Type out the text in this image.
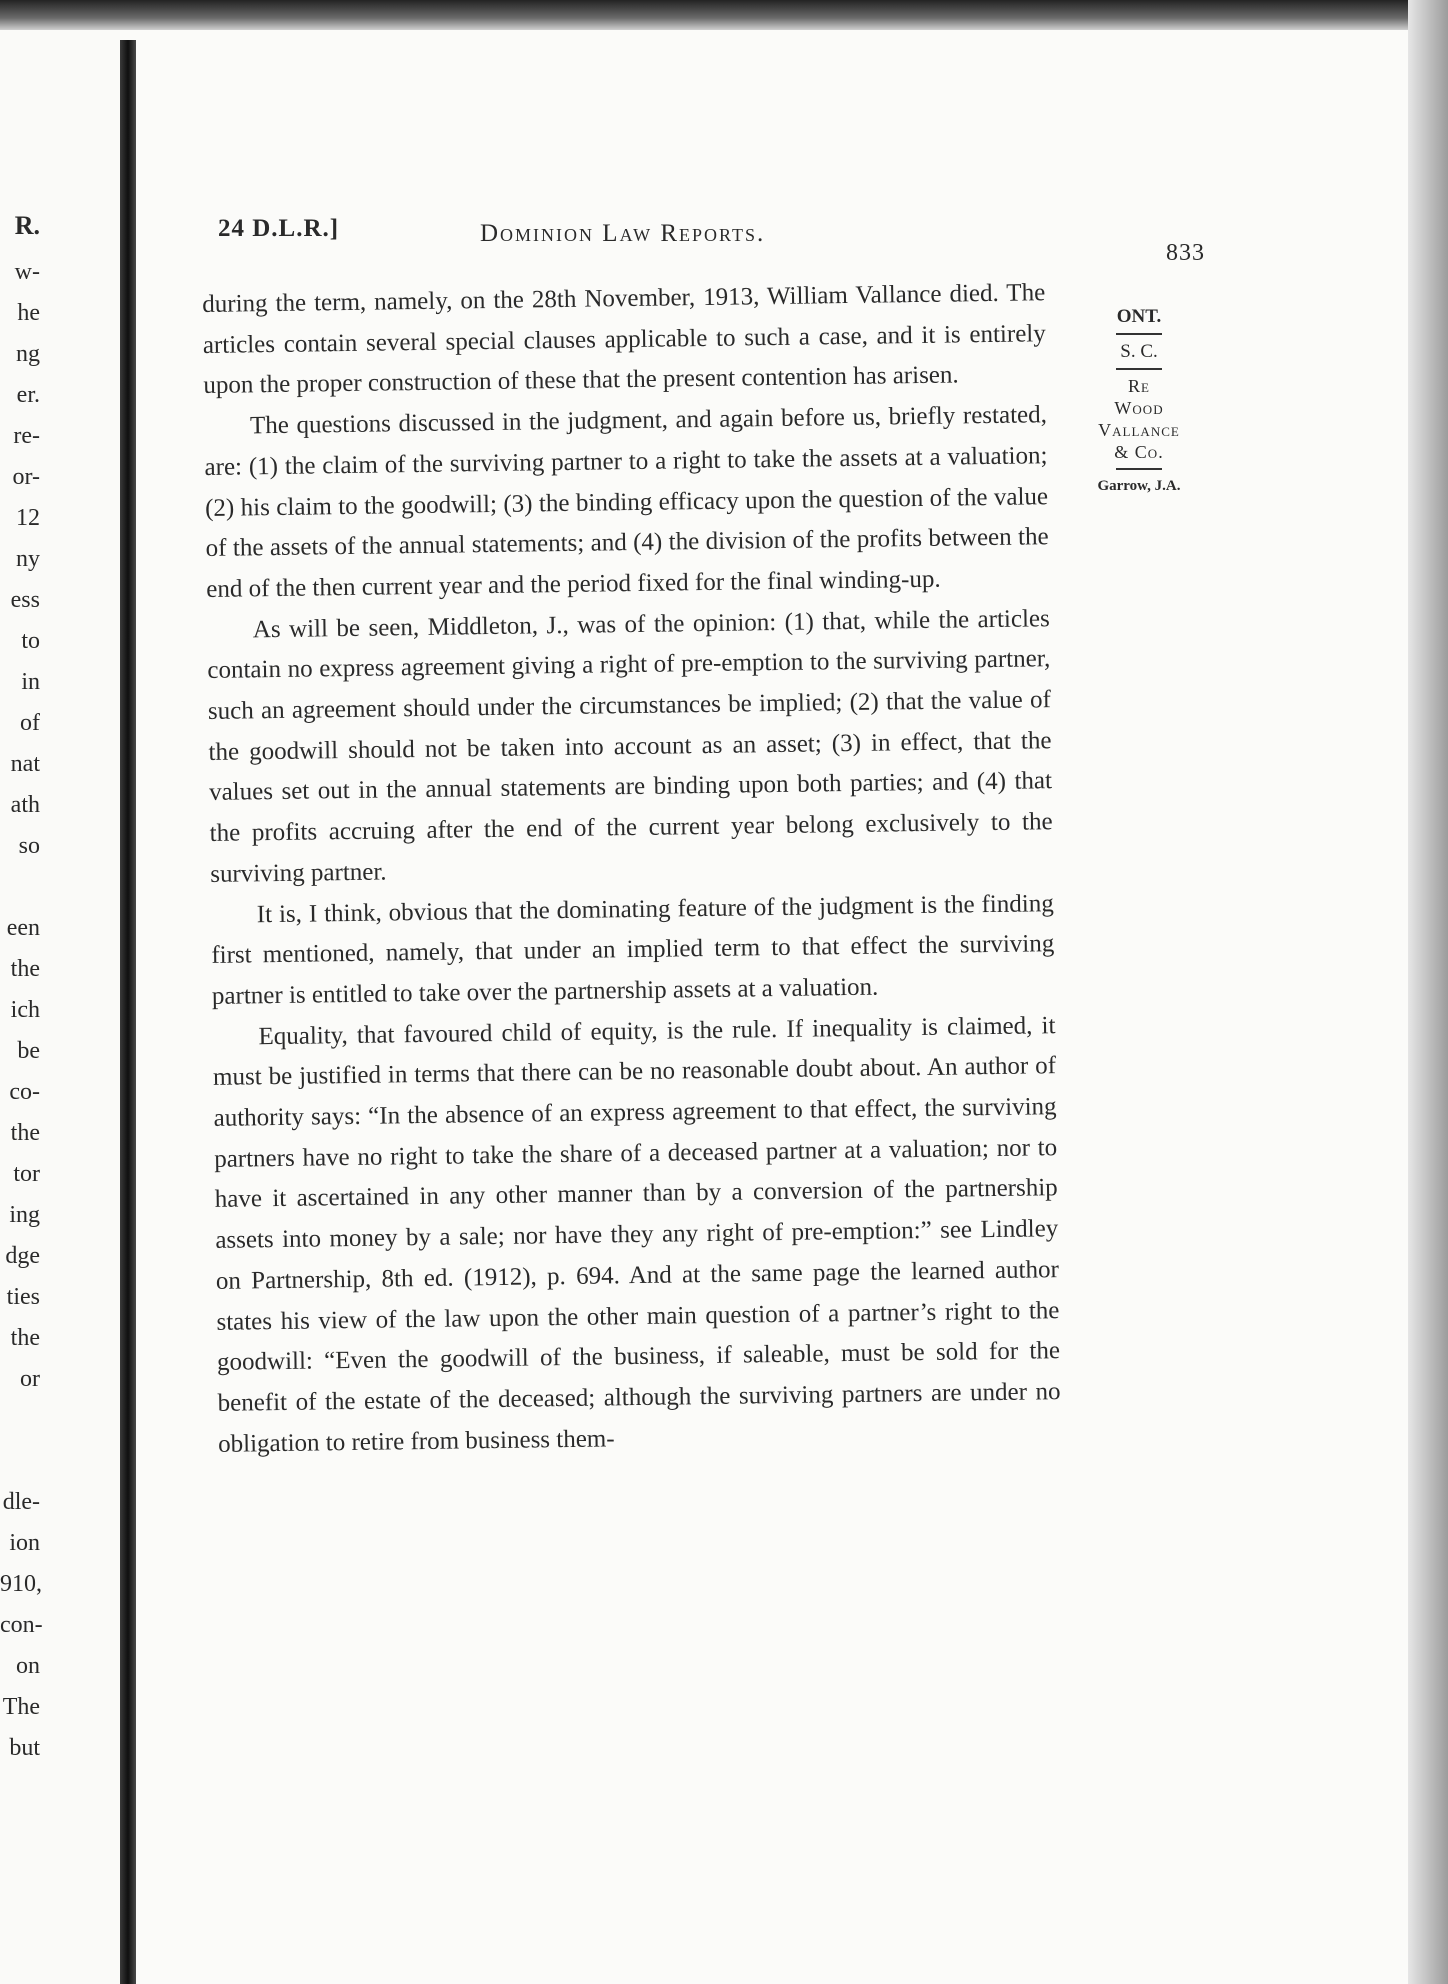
R.
w-
he
ng
er.
re-
or-
12
ny
ess
to
in
of
nat
ath
so
een
the
ich
be
co-
the
tor
ing
dge
ties
the
or
dle-
ion
910,
con-
on
The
but
24 D.L.R.]	Dominion Law Reports.
833
ONT.
S. C.
Re
Wood
Vallance
& Co.
Garrow, J.A.

during the term, namely, on the 28th November, 1913, William Vallance died. The articles contain several special clauses applicable to such a case, and it is entirely upon the proper construction of these that the present contention has arisen.

The questions discussed in the judgment, and again before us, briefly restated, are: (1) the claim of the surviving partner to a right to take the assets at a valuation; (2) his claim to the goodwill; (3) the binding efficacy upon the question of the value of the assets of the annual statements; and (4) the division of the profits between the end of the then current year and the period fixed for the final winding-up.

As will be seen, Middleton, J., was of the opinion: (1) that, while the articles contain no express agreement giving a right of pre-emption to the surviving partner, such an agreement should under the circumstances be implied; (2) that the value of the goodwill should not be taken into account as an asset; (3) in effect, that the values set out in the annual statements are binding upon both parties; and (4) that the profits accruing after the end of the current year belong exclusively to the surviving partner.

It is, I think, obvious that the dominating feature of the judgment is the finding first mentioned, namely, that under an implied term to that effect the surviving partner is entitled to take over the partnership assets at a valuation.

Equality, that favoured child of equity, is the rule. If inequality is claimed, it must be justified in terms that there can be no reasonable doubt about. An author of authority says: “In the absence of an express agreement to that effect, the surviving partners have no right to take the share of a deceased partner at a valuation; nor to have it ascertained in any other manner than by a conversion of the partnership assets into money by a sale; nor have they any right of pre-emption:” see Lindley on Partnership, 8th ed. (1912), p. 694. And at the same page the learned author states his view of the law upon the other main question of a partner’s right to the goodwill: “Even the goodwill of the business, if saleable, must be sold for the benefit of the estate of the deceased; although the surviving partners are under no obligation to retire from business them-
